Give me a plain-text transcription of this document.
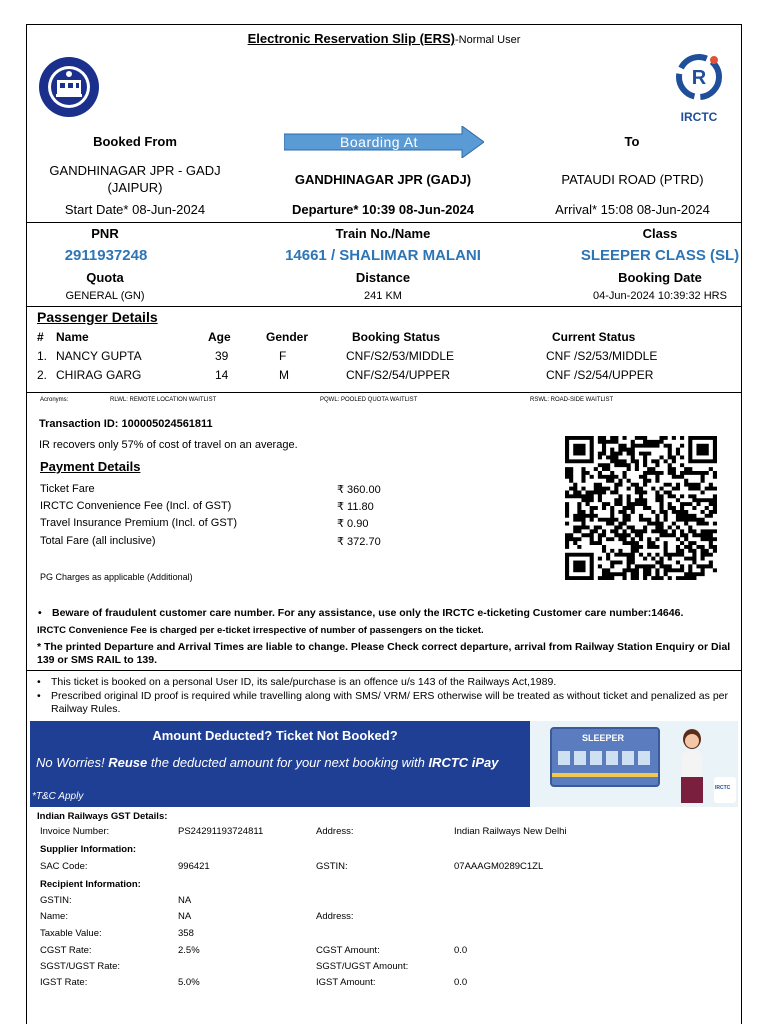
Electronic Reservation Slip (ERS)-Normal User
R
IRCTC
Booked From	Boarding At	To
GANDHINAGAR JPR - GADJ
(JAIPUR)
GANDHINAGAR JPR (GADJ)	PATAUDI ROAD (PTRD)
Start Date* 08-Jun-2024	Departure* 10:39 08-Jun-2024	Arrival* 15:08 08-Jun-2024
PNR	Train No./Name	Class
2911937248	14661 / SHALIMAR MALANI	SLEEPER CLASS (SL)
Quota	Distance	Booking Date
GENERAL (GN)	241 KM	04-Jun-2024 10:39:32 HRS
Passenger Details
# Name	Age	Gender	Booking Status	Current Status
1. NANCY GUPTA	39	F	CNF/S2/53/MIDDLE	CNF /S2/53/MIDDLE
2. CHIRAG GARG	14	M	CNF/S2/54/UPPER	CNF /S2/54/UPPER
Acronyms:	RLWL: REMOTE LOCATION WAITLIST	PQWL: POOLED QUOTA WAITLIST	RSWL: ROAD-SIDE WAITLIST
Transaction ID: 100005024561811
IR recovers only 57% of cost of travel on an average.
Payment Details
Ticket Fare	₹ 360.00
IRCTC Convenience Fee (Incl. of GST)	₹ 11.80
Travel Insurance Premium (Incl. of GST)	₹ 0.90
Total Fare (all inclusive)	₹ 372.70
PG Charges as applicable (Additional)
• Beware of fraudulent customer care number. For any assistance, use only the IRCTC e-ticketing Customer care number:14646.
IRCTC Convenience Fee is charged per e-ticket irrespective of number of passengers on the ticket.
* The printed Departure and Arrival Times are liable to change. Please Check correct departure, arrival from Railway Station Enquiry or Dial 139 or SMS RAIL to 139.
• This ticket is booked on a personal User ID, its sale/purchase is an offence u/s 143 of the Railways Act,1989.
• Prescribed original ID proof is required while travelling along with SMS/ VRM/ ERS otherwise will be treated as without ticket and penalized as per Railway Rules.
SLEEPER
IRCTC
Amount Deducted? Ticket Not Booked?
No Worries! Reuse the deducted amount for your next booking with IRCTC iPay
*T&C Apply
Indian Railways GST Details:
Invoice Number:	PS24291193724811	Address:	Indian Railways New Delhi
Supplier Information:
SAC Code:	996421	GSTIN:	07AAAGM0289C1ZL
Recipient Information:
GSTIN:	NA
Name:	NA	Address:
Taxable Value:	358
CGST Rate:	2.5%	CGST Amount:	0.0
SGST/UGST Rate:	SGST/UGST Amount:
IGST Rate:	5.0%	IGST Amount:	0.0
